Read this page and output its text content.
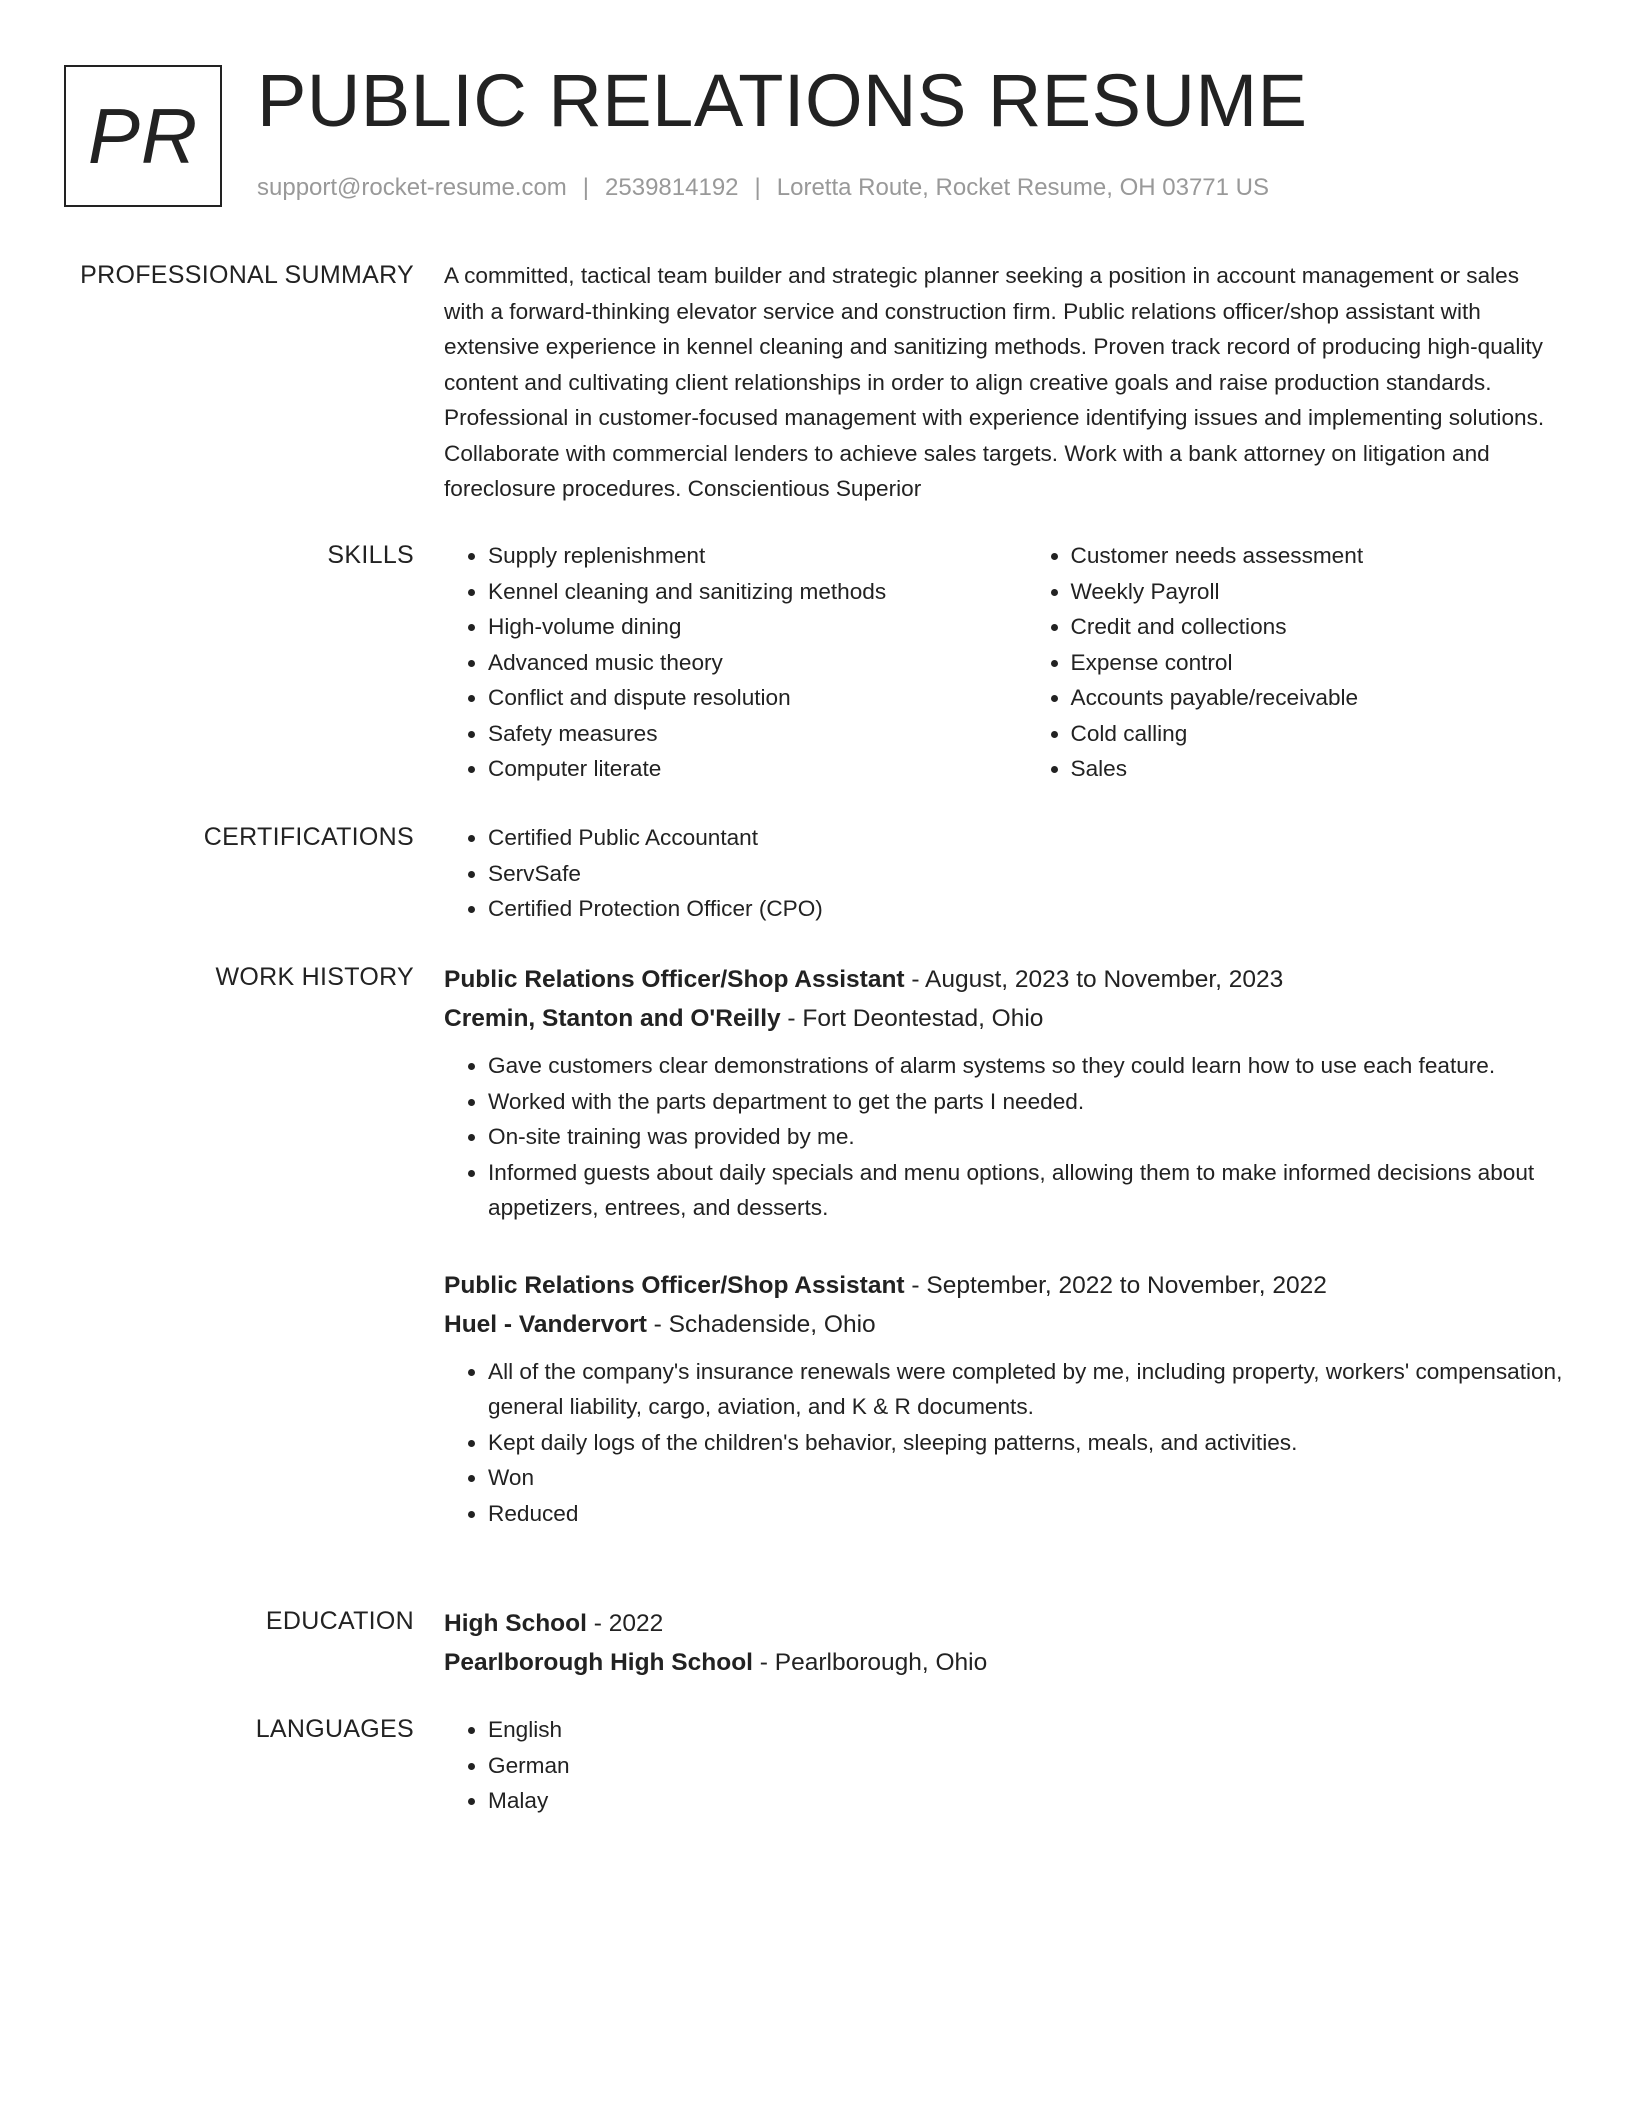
PR PUBLIC RELATIONS RESUME
support@rocket-resume.com | 2539814192 | Loretta Route, Rocket Resume, OH 03771 US
PROFESSIONAL SUMMARY A committed, tactical team builder and strategic planner seeking a position in account management or sales with a forward-thinking elevator service and construction firm. Public relations officer/shop assistant with extensive experience in kennel cleaning and sanitizing methods. Proven track record of producing high-quality content and cultivating client relationships in order to align creative goals and raise production standards. Professional in customer-focused management with experience identifying issues and implementing solutions. Collaborate with commercial lenders to achieve sales targets. Work with a bank attorney on litigation and foreclosure procedures. Conscientious Superior

SKILLS	• Supply replenishment
• Kennel cleaning and sanitizing methods
• High-volume dining
• Advanced music theory
• Conflict and dispute resolution
• Safety measures
• Computer literate
• Customer needs assessment
• Weekly Payroll
• Credit and collections
• Expense control
• Accounts payable/receivable
• Cold calling
• Sales
CERTIFICATIONS	• Certified Public Accountant
• ServSafe
• Certified Protection Officer (CPO)
WORK HISTORY Public Relations Officer/Shop Assistant - August, 2023 to November, 2023
Cremin, Stanton and O'Reilly - Fort Deontestad, Ohio
• Gave customers clear demonstrations of alarm systems so they could learn how to use each feature.
• Worked with the parts department to get the parts I needed.
• On-site training was provided by me.
• Informed guests about daily specials and menu options, allowing them to make informed decisions about appetizers, entrees, and desserts.
Public Relations Officer/Shop Assistant - September, 2022 to November, 2022
Huel - Vandervort - Schadenside, Ohio
• All of the company's insurance renewals were completed by me, including property, workers' compensation, general liability, cargo, aviation, and K & R documents.
• Kept daily logs of the children's behavior, sleeping patterns, meals, and activities.
• Won
• Reduced
EDUCATION High School - 2022
Pearlborough High School - Pearlborough, Ohio
LANGUAGES	• English
• German
• Malay
